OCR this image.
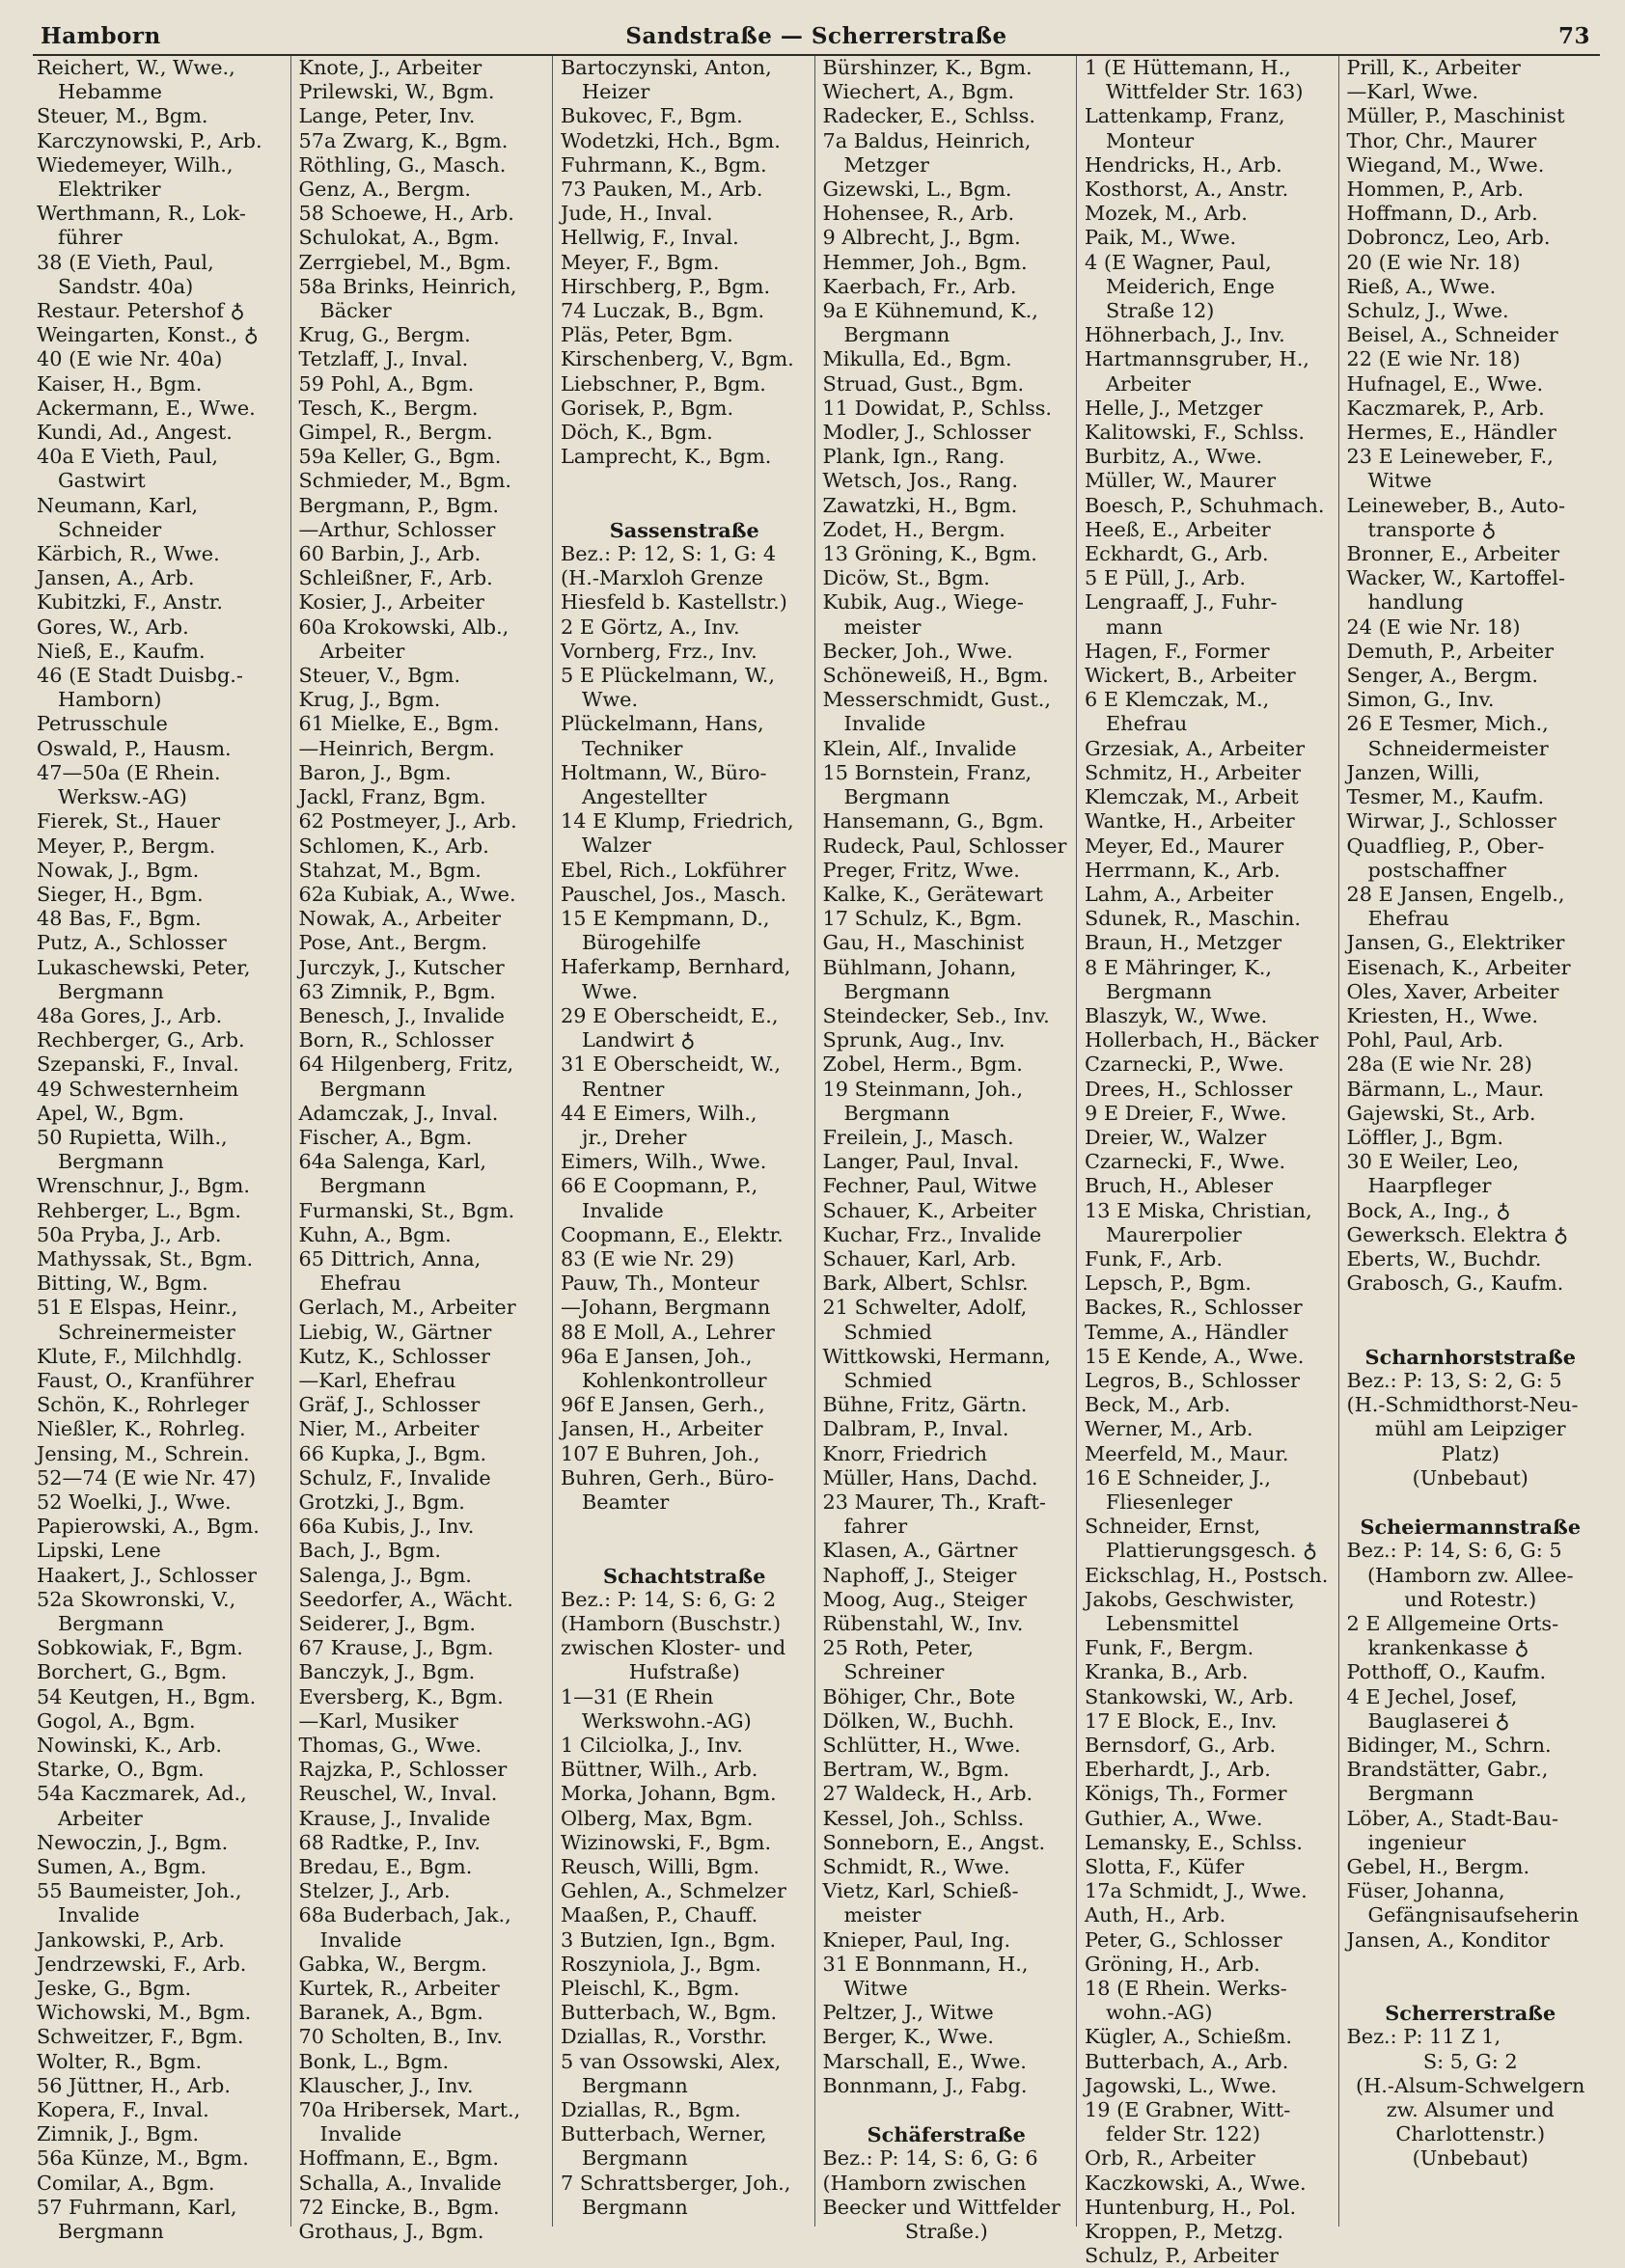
Hamborn	Sandstraße — Scherrerstraße	73
Reichert, W., Wwe.,
Hebamme
Steuer, M., Bgm.
Karczynowski, P., Arb.
Wiedemeyer, Wilh.,
Elektriker
Werthmann, R., Lok-
führer
38 (E Vieth, Paul,
Sandstr. 40a)
Restaur. Petershof ♁
Weingarten, Konst., ♁
40 (E wie Nr. 40a)
Kaiser, H., Bgm.
Ackermann, E., Wwe.
Kundi, Ad., Angest.
40a E Vieth, Paul,
Gastwirt
Neumann, Karl,
Schneider
Kärbich, R., Wwe.
Jansen, A., Arb.
Kubitzki, F., Anstr.
Gores, W., Arb.
Nieß, E., Kaufm.
46 (E Stadt Duisbg.-
Hamborn)
Petrusschule
Oswald, P., Hausm.
47—50a (E Rhein.
Werksw.-AG)
Fierek, St., Hauer
Meyer, P., Bergm.
Nowak, J., Bgm.
Sieger, H., Bgm.
48 Bas, F., Bgm.
Putz, A., Schlosser
Lukaschewski, Peter,
Bergmann
48a Gores, J., Arb.
Rechberger, G., Arb.
Szepanski, F., Inval.
49 Schwesternheim
Apel, W., Bgm.
50 Rupietta, Wilh.,
Bergmann
Wrenschnur, J., Bgm.
Rehberger, L., Bgm.
50a Pryba, J., Arb.
Mathyssak, St., Bgm.
Bitting, W., Bgm.
51 E Elspas, Heinr.,
Schreinermeister
Klute, F., Milchhdlg.
Faust, O., Kranführer
Schön, K., Rohrleger
Nießler, K., Rohrleg.
Jensing, M., Schrein.
52—74 (E wie Nr. 47)
52 Woelki, J., Wwe.
Papierowski, A., Bgm.
Lipski, Lene
Haakert, J., Schlosser
52a Skowronski, V.,
Bergmann
Sobkowiak, F., Bgm.
Borchert, G., Bgm.
54 Keutgen, H., Bgm.
Gogol, A., Bgm.
Nowinski, K., Arb.
Starke, O., Bgm.
54a Kaczmarek, Ad.,
Arbeiter
Newoczin, J., Bgm.
Sumen, A., Bgm.
55 Baumeister, Joh.,
Invalide
Jankowski, P., Arb.
Jendrzewski, F., Arb.
Jeske, G., Bgm.
Wichowski, M., Bgm.
Schweitzer, F., Bgm.
Wolter, R., Bgm.
56 Jüttner, H., Arb.
Kopera, F., Inval.
Zimnik, J., Bgm.
56a Künze, M., Bgm.
Comilar, A., Bgm.
57 Fuhrmann, Karl,
Bergmann
Knote, J., Arbeiter
Prilewski, W., Bgm.
Lange, Peter, Inv.
57a Zwarg, K., Bgm.
Röthling, G., Masch.
Genz, A., Bergm.
58 Schoewe, H., Arb.
Schulokat, A., Bgm.
Zerrgiebel, M., Bgm.
58a Brinks, Heinrich,
Bäcker
Krug, G., Bergm.
Tetzlaff, J., Inval.
59 Pohl, A., Bgm.
Tesch, K., Bergm.
Gimpel, R., Bergm.
59a Keller, G., Bgm.
Schmieder, M., Bgm.
Bergmann, P., Bgm.
—Arthur, Schlosser
60 Barbin, J., Arb.
Schleißner, F., Arb.
Kosier, J., Arbeiter
60a Krokowski, Alb.,
Arbeiter
Steuer, V., Bgm.
Krug, J., Bgm.
61 Mielke, E., Bgm.
—Heinrich, Bergm.
Baron, J., Bgm.
Jackl, Franz, Bgm.
62 Postmeyer, J., Arb.
Schlomen, K., Arb.
Stahzat, M., Bgm.
62a Kubiak, A., Wwe.
Nowak, A., Arbeiter
Pose, Ant., Bergm.
Jurczyk, J., Kutscher
63 Zimnik, P., Bgm.
Benesch, J., Invalide
Born, R., Schlosser
64 Hilgenberg, Fritz,
Bergmann
Adamczak, J., Inval.
Fischer, A., Bgm.
64a Salenga, Karl,
Bergmann
Furmanski, St., Bgm.
Kuhn, A., Bgm.
65 Dittrich, Anna,
Ehefrau
Gerlach, M., Arbeiter
Liebig, W., Gärtner
Kutz, K., Schlosser
—Karl, Ehefrau
Gräf, J., Schlosser
Nier, M., Arbeiter
66 Kupka, J., Bgm.
Schulz, F., Invalide
Grotzki, J., Bgm.
66a Kubis, J., Inv.
Bach, J., Bgm.
Salenga, J., Bgm.
Seedorfer, A., Wächt.
Seiderer, J., Bgm.
67 Krause, J., Bgm.
Banczyk, J., Bgm.
Eversberg, K., Bgm.
—Karl, Musiker
Thomas, G., Wwe.
Rajzka, P., Schlosser
Reuschel, W., Inval.
Krause, J., Invalide
68 Radtke, P., Inv.
Bredau, E., Bgm.
Stelzer, J., Arb.
68a Buderbach, Jak.,
Invalide
Gabka, W., Bergm.
Kurtek, R., Arbeiter
Baranek, A., Bgm.
70 Scholten, B., Inv.
Bonk, L., Bgm.
Klauscher, J., Inv.
70a Hribersek, Mart.,
Invalide
Hoffmann, E., Bgm.
Schalla, A., Invalide
72 Eincke, B., Bgm.
Grothaus, J., Bgm.
Bartoczynski, Anton,
Heizer
Bukovec, F., Bgm.
Wodetzki, Hch., Bgm.
Fuhrmann, K., Bgm.
73 Pauken, M., Arb.
Jude, H., Inval.
Hellwig, F., Inval.
Meyer, F., Bgm.
Hirschberg, P., Bgm.
74 Luczak, B., Bgm.
Pläs, Peter, Bgm.
Kirschenberg, V., Bgm.
Liebschner, P., Bgm.
Gorisek, P., Bgm.
Döch, K., Bgm.
Lamprecht, K., Bgm.
Sassenstraße
Bez.: P: 12, S: 1, G: 4
(H.-Marxloh Grenze
Hiesfeld b. Kastellstr.)
2 E Görtz, A., Inv.
Vornberg, Frz., Inv.
5 E Plückelmann, W.,
Wwe.
Plückelmann, Hans,
Techniker
Holtmann, W., Büro-
Angestellter
14 E Klump, Friedrich,
Walzer
Ebel, Rich., Lokführer
Pauschel, Jos., Masch.
15 E Kempmann, D.,
Bürogehilfe
Haferkamp, Bernhard,
Wwe.
29 E Oberscheidt, E.,
Landwirt ♁
31 E Oberscheidt, W.,
Rentner
44 E Eimers, Wilh.,
jr., Dreher
Eimers, Wilh., Wwe.
66 E Coopmann, P.,
Invalide
Coopmann, E., Elektr.
83 (E wie Nr. 29)
Pauw, Th., Monteur
—Johann, Bergmann
88 E Moll, A., Lehrer
96a E Jansen, Joh.,
Kohlenkontrolleur
96f E Jansen, Gerh.,
Jansen, H., Arbeiter
107 E Buhren, Joh.,
Buhren, Gerh., Büro-
Beamter
Schachtstraße
Bez.: P: 14, S: 6, G: 2
(Hamborn (Buschstr.)
zwischen Kloster- und
Hufstraße)
1—31 (E Rhein
Werkswohn.-AG)
1 Cilciolka, J., Inv.
Büttner, Wilh., Arb.
Morka, Johann, Bgm.
Olberg, Max, Bgm.
Wizinowski, F., Bgm.
Reusch, Willi, Bgm.
Gehlen, A., Schmelzer
Maaßen, P., Chauff.
3 Butzien, Ign., Bgm.
Roszyniola, J., Bgm.
Pleischl, K., Bgm.
Butterbach, W., Bgm.
Dziallas, R., Vorsthr.
5 van Ossowski, Alex,
Bergmann
Dziallas, R., Bgm.
Butterbach, Werner,
Bergmann
7 Schrattsberger, Joh.,
Bergmann
Bürshinzer, K., Bgm.
Wiechert, A., Bgm.
Radecker, E., Schlss.
7a Baldus, Heinrich,
Metzger
Gizewski, L., Bgm.
Hohensee, R., Arb.
9 Albrecht, J., Bgm.
Hemmer, Joh., Bgm.
Kaerbach, Fr., Arb.
9a E Kühnemund, K.,
Bergmann
Mikulla, Ed., Bgm.
Struad, Gust., Bgm.
11 Dowidat, P., Schlss.
Modler, J., Schlosser
Plank, Ign., Rang.
Wetsch, Jos., Rang.
Zawatzki, H., Bgm.
Zodet, H., Bergm.
13 Gröning, K., Bgm.
Dicöw, St., Bgm.
Kubik, Aug., Wiege-
meister
Becker, Joh., Wwe.
Schöneweiß, H., Bgm.
Messerschmidt, Gust.,
Invalide
Klein, Alf., Invalide
15 Bornstein, Franz,
Bergmann
Hansemann, G., Bgm.
Rudeck, Paul, Schlosser
Preger, Fritz, Wwe.
Kalke, K., Gerätewart
17 Schulz, K., Bgm.
Gau, H., Maschinist
Bühlmann, Johann,
Bergmann
Steindecker, Seb., Inv.
Sprunk, Aug., Inv.
Zobel, Herm., Bgm.
19 Steinmann, Joh.,
Bergmann
Freilein, J., Masch.
Langer, Paul, Inval.
Fechner, Paul, Witwe
Schauer, K., Arbeiter
Kuchar, Frz., Invalide
Schauer, Karl, Arb.
Bark, Albert, Schlsr.
21 Schwelter, Adolf,
Schmied
Wittkowski, Hermann,
Schmied
Bühne, Fritz, Gärtn.
Dalbram, P., Inval.
Knorr, Friedrich
Müller, Hans, Dachd.
23 Maurer, Th., Kraft-
fahrer
Klasen, A., Gärtner
Naphoff, J., Steiger
Moog, Aug., Steiger
Rübenstahl, W., Inv.
25 Roth, Peter,
Schreiner
Böhiger, Chr., Bote
Dölken, W., Buchh.
Schlütter, H., Wwe.
Bertram, W., Bgm.
27 Waldeck, H., Arb.
Kessel, Joh., Schlss.
Sonneborn, E., Angst.
Schmidt, R., Wwe.
Vietz, Karl, Schieß-
meister
Knieper, Paul, Ing.
31 E Bonnmann, H.,
Witwe
Peltzer, J., Witwe
Berger, K., Wwe.
Marschall, E., Wwe.
Bonnmann, J., Fabg.
Schäferstraße
Bez.: P: 14, S: 6, G: 6
(Hamborn zwischen
Beecker und Wittfelder
Straße.)
1 (E Hüttemann, H.,
Wittfelder Str. 163)
Lattenkamp, Franz,
Monteur
Hendricks, H., Arb.
Kosthorst, A., Anstr.
Mozek, M., Arb.
Paik, M., Wwe.
4 (E Wagner, Paul,
Meiderich, Enge
Straße 12)
Höhnerbach, J., Inv.
Hartmannsgruber, H.,
Arbeiter
Helle, J., Metzger
Kalitowski, F., Schlss.
Burbitz, A., Wwe.
Müller, W., Maurer
Boesch, P., Schuhmach.
Heeß, E., Arbeiter
Eckhardt, G., Arb.
5 E Püll, J., Arb.
Lengraaff, J., Fuhr-
mann
Hagen, F., Former
Wickert, B., Arbeiter
6 E Klemczak, M.,
Ehefrau
Grzesiak, A., Arbeiter
Schmitz, H., Arbeiter
Klemczak, M., Arbeit
Wantke, H., Arbeiter
Meyer, Ed., Maurer
Herrmann, K., Arb.
Lahm, A., Arbeiter
Sdunek, R., Maschin.
Braun, H., Metzger
8 E Mähringer, K.,
Bergmann
Blaszyk, W., Wwe.
Hollerbach, H., Bäcker
Czarnecki, P., Wwe.
Drees, H., Schlosser
9 E Dreier, F., Wwe.
Dreier, W., Walzer
Czarnecki, F., Wwe.
Bruch, H., Ableser
13 E Miska, Christian,
Maurerpolier
Funk, F., Arb.
Lepsch, P., Bgm.
Backes, R., Schlosser
Temme, A., Händler
15 E Kende, A., Wwe.
Legros, B., Schlosser
Beck, M., Arb.
Werner, M., Arb.
Meerfeld, M., Maur.
16 E Schneider, J.,
Fliesenleger
Schneider, Ernst,
Plattierungsgesch. ♁
Eickschlag, H., Postsch.
Jakobs, Geschwister,
Lebensmittel
Funk, F., Bergm.
Kranka, B., Arb.
Stankowski, W., Arb.
17 E Block, E., Inv.
Bernsdorf, G., Arb.
Eberhardt, J., Arb.
Königs, Th., Former
Guthier, A., Wwe.
Lemansky, E., Schlss.
Slotta, F., Küfer
17a Schmidt, J., Wwe.
Auth, H., Arb.
Peter, G., Schlosser
Gröning, H., Arb.
18 (E Rhein. Werks-
wohn.-AG)
Kügler, A., Schießm.
Butterbach, A., Arb.
Jagowski, L., Wwe.
19 (E Grabner, Witt-
felder Str. 122)
Orb, R., Arbeiter
Kaczkowski, A., Wwe.
Huntenburg, H., Pol.
Kroppen, P., Metzg.
Schulz, P., Arbeiter
Prill, K., Arbeiter
—Karl, Wwe.
Müller, P., Maschinist
Thor, Chr., Maurer
Wiegand, M., Wwe.
Hommen, P., Arb.
Hoffmann, D., Arb.
Dobroncz, Leo, Arb.
20 (E wie Nr. 18)
Rieß, A., Wwe.
Schulz, J., Wwe.
Beisel, A., Schneider
22 (E wie Nr. 18)
Hufnagel, E., Wwe.
Kaczmarek, P., Arb.
Hermes, E., Händler
23 E Leineweber, F.,
Witwe
Leineweber, B., Auto-
transporte ♁
Bronner, E., Arbeiter
Wacker, W., Kartoffel-
handlung
24 (E wie Nr. 18)
Demuth, P., Arbeiter
Senger, A., Bergm.
Simon, G., Inv.
26 E Tesmer, Mich.,
Schneidermeister
Janzen, Willi,
Tesmer, M., Kaufm.
Wirwar, J., Schlosser
Quadflieg, P., Ober-
postschaffner
28 E Jansen, Engelb.,
Ehefrau
Jansen, G., Elektriker
Eisenach, K., Arbeiter
Oles, Xaver, Arbeiter
Kriesten, H., Wwe.
Pohl, Paul, Arb.
28a (E wie Nr. 28)
Bärmann, L., Maur.
Gajewski, St., Arb.
Löffler, J., Bgm.
30 E Weiler, Leo,
Haarpfleger
Bock, A., Ing., ♁
Gewerksch. Elektra ♁
Eberts, W., Buchdr.
Grabosch, G., Kaufm.
Scharnhorststraße
Bez.: P: 13, S: 2, G: 5
(H.-Schmidthorst-Neu-
mühl am Leipziger
Platz)
(Unbebaut)
Scheiermannstraße
Bez.: P: 14, S: 6, G: 5
(Hamborn zw. Allee-
und Rotestr.)
2 E Allgemeine Orts-
krankenkasse ♁
Potthoff, O., Kaufm.
4 E Jechel, Josef,
Bauglaserei ♁
Bidinger, M., Schrn.
Brandstätter, Gabr.,
Bergmann
Löber, A., Stadt-Bau-
ingenieur
Gebel, H., Bergm.
Füser, Johanna,
Gefängnisaufseherin
Jansen, A., Konditor
Scherrerstraße
Bez.: P: 11 Z 1,
S: 5, G: 2
(H.-Alsum-Schwelgern
zw. Alsumer und
Charlottenstr.)
(Unbebaut)
